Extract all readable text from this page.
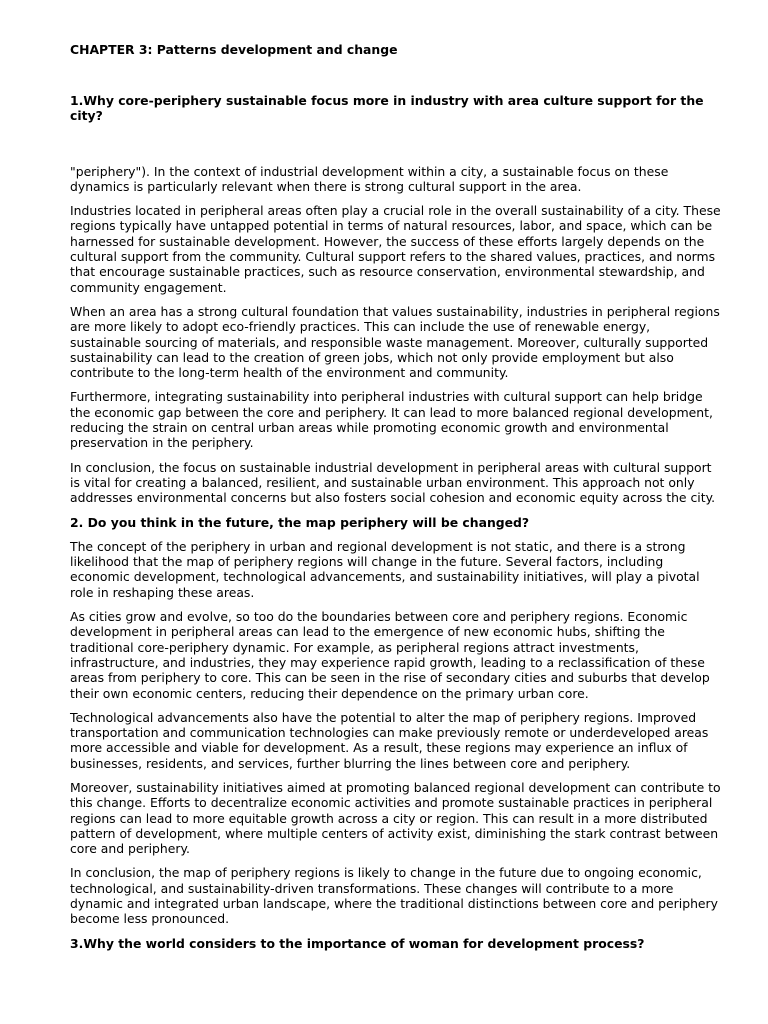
CHAPTER 3: Patterns development and change
1.Why core-periphery sustainable focus more in industry with area culture support for the city?

"periphery"). In the context of industrial development within a city, a sustainable focus on these dynamics is particularly relevant when there is strong cultural support in the area.

Industries located in peripheral areas often play a crucial role in the overall sustainability of a city. These regions typically have untapped potential in terms of natural resources, labor, and space, which can be harnessed for sustainable development. However, the success of these efforts largely depends on the cultural support from the community. Cultural support refers to the shared values, practices, and norms that encourage sustainable practices, such as resource conservation, environmental stewardship, and community engagement.

When an area has a strong cultural foundation that values sustainability, industries in peripheral regions are more likely to adopt eco-friendly practices. This can include the use of renewable energy, sustainable sourcing of materials, and responsible waste management. Moreover, culturally supported sustainability can lead to the creation of green jobs, which not only provide employment but also contribute to the long-term health of the environment and community.

Furthermore, integrating sustainability into peripheral industries with cultural support can help bridge the economic gap between the core and periphery. It can lead to more balanced regional development, reducing the strain on central urban areas while promoting economic growth and environmental preservation in the periphery.

In conclusion, the focus on sustainable industrial development in peripheral areas with cultural support is vital for creating a balanced, resilient, and sustainable urban environment. This approach not only addresses environmental concerns but also fosters social cohesion and economic equity across the city.

2. Do you think in the future, the map periphery will be changed?

The concept of the periphery in urban and regional development is not static, and there is a strong likelihood that the map of periphery regions will change in the future. Several factors, including economic development, technological advancements, and sustainability initiatives, will play a pivotal role in reshaping these areas.

As cities grow and evolve, so too do the boundaries between core and periphery regions. Economic development in peripheral areas can lead to the emergence of new economic hubs, shifting the traditional core-periphery dynamic. For example, as peripheral regions attract investments, infrastructure, and industries, they may experience rapid growth, leading to a reclassification of these areas from periphery to core. This can be seen in the rise of secondary cities and suburbs that develop their own economic centers, reducing their dependence on the primary urban core.

Technological advancements also have the potential to alter the map of periphery regions. Improved transportation and communication technologies can make previously remote or underdeveloped areas more accessible and viable for development. As a result, these regions may experience an influx of businesses, residents, and services, further blurring the lines between core and periphery.

Moreover, sustainability initiatives aimed at promoting balanced regional development can contribute to this change. Efforts to decentralize economic activities and promote sustainable practices in peripheral regions can lead to more equitable growth across a city or region. This can result in a more distributed pattern of development, where multiple centers of activity exist, diminishing the stark contrast between core and periphery.

In conclusion, the map of periphery regions is likely to change in the future due to ongoing economic, technological, and sustainability-driven transformations. These changes will contribute to a more dynamic and integrated urban landscape, where the traditional distinctions between core and periphery become less pronounced.

3.Why the world considers to the importance of woman for development process?
